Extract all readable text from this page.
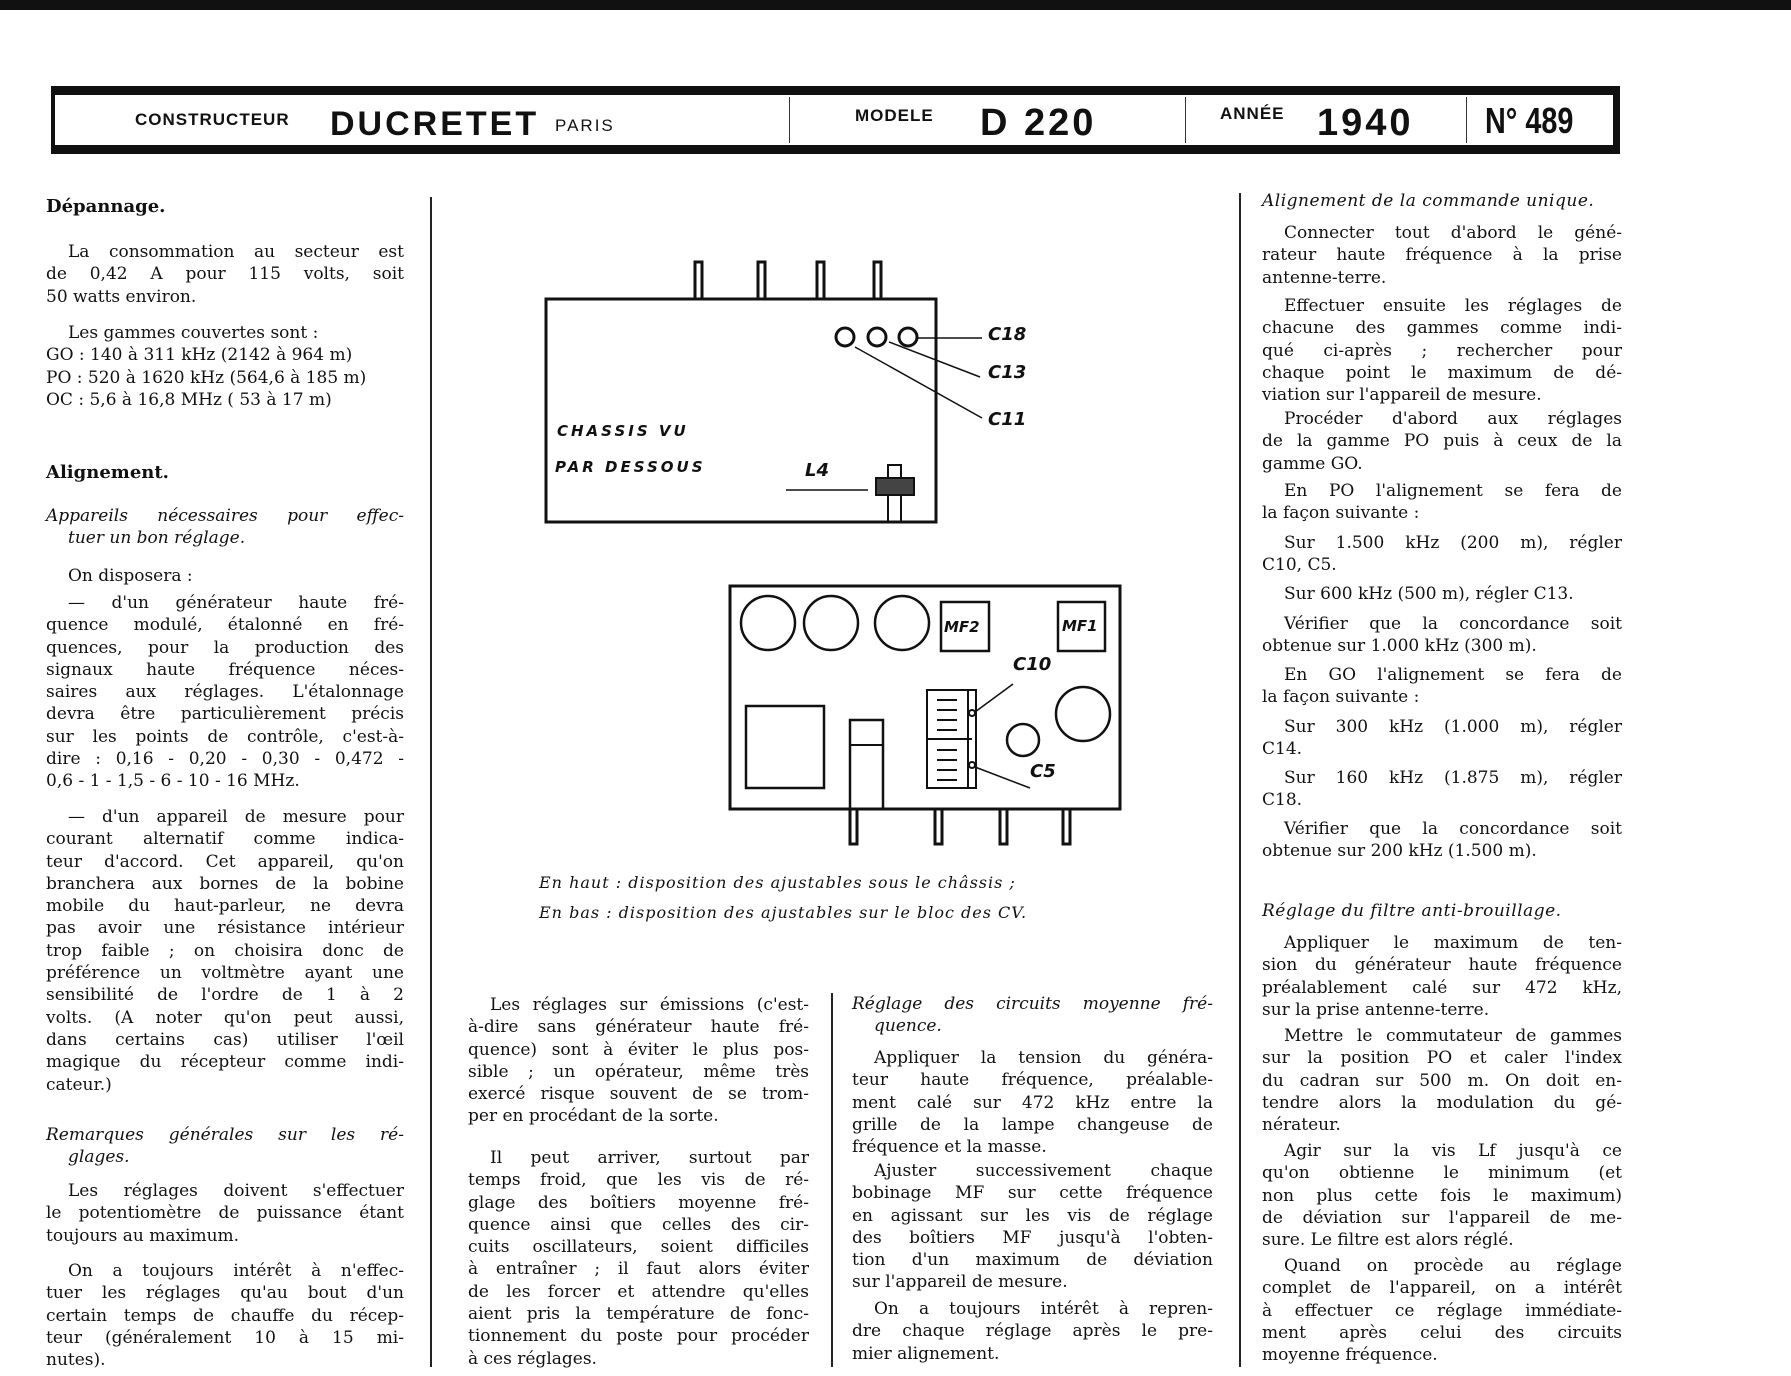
CONSTRUCTEUR DUCRETET PARIS
MODELE D 220	ANNÉE 1940 N° 489
Dépannage.
La consommation au secteur est
de 0,42 A pour 115 volts, soit
50 watts environ.
Les gammes couvertes sont :
GO : 140 à 311 kHz (2142 à 964 m)
PO : 520 à 1620 kHz (564,6 à 185 m)
OC : 5,6 à 16,8 MHz ( 53 à 17 m)
Alignement.
Appareils nécessaires pour effec-
tuer un bon réglage.
On disposera :
— d'un générateur haute fré-
quence modulé, étalonné en fré-
quences, pour la production des
signaux haute fréquence néces-
saires aux réglages. L'étalonnage
devra être particulièrement précis
sur les points de contrôle, c'est-à-
dire : 0,16 - 0,20 - 0,30 - 0,472 -
0,6 - 1 - 1,5 - 6 - 10 - 16 MHz.
— d'un appareil de mesure pour
courant alternatif comme indica-
teur d'accord. Cet appareil, qu'on
branchera aux bornes de la bobine
mobile du haut-parleur, ne devra
pas avoir une résistance intérieur
trop faible ; on choisira donc de
préférence un voltmètre ayant une
sensibilité de l'ordre de 1 à 2
volts. (A noter qu'on peut aussi,
dans certains cas) utiliser l'œil
magique du récepteur comme indi-
cateur.)
Remarques générales sur les ré-
glages.
Les réglages doivent s'effectuer
le potentiomètre de puissance étant
toujours au maximum.
On a toujours intérêt à n'effec-
tuer les réglages qu'au bout d'un
certain temps de chauffe du récep-
teur (généralement 10 à 15 mi-
nutes).
C18
C13
C11
L4
CHASSIS VU
PAR DESSOUS
MF2	MF1
C10
C5
En haut : disposition des ajustables sous le châssis ;
En bas : disposition des ajustables sur le bloc des CV.
Les réglages sur émissions (c'est-
à-dire sans générateur haute fré-
quence) sont à éviter le plus pos-
sible ; un opérateur, même très
exercé risque souvent de se trom-
per en procédant de la sorte.
Il peut arriver, surtout par
temps froid, que les vis de ré-
glage des boîtiers moyenne fré-
quence ainsi que celles des cir-
cuits oscillateurs, soient difficiles
à entraîner ; il faut alors éviter
de les forcer et attendre qu'elles
aient pris la température de fonc-
tionnement du poste pour procéder
à ces réglages.
Réglage des circuits moyenne fré-
quence.
Appliquer la tension du généra-
teur haute fréquence, préalable-
ment calé sur 472 kHz entre la
grille de la lampe changeuse de
fréquence et la masse.
Ajuster successivement chaque
bobinage MF sur cette fréquence
en agissant sur les vis de réglage
des boîtiers MF jusqu'à l'obten-
tion d'un maximum de déviation
sur l'appareil de mesure.
On a toujours intérêt à repren-
dre chaque réglage après le pre-
mier alignement.
Alignement de la commande unique.
Connecter tout d'abord le géné-
rateur haute fréquence à la prise
antenne-terre.
Effectuer ensuite les réglages de
chacune des gammes comme indi-
qué ci-après ; rechercher pour
chaque point le maximum de dé-
viation sur l'appareil de mesure.
Procéder d'abord aux réglages
de la gamme PO puis à ceux de la
gamme GO.
En PO l'alignement se fera de
la façon suivante :
Sur 1.500 kHz (200 m), régler
C10, C5.
Sur 600 kHz (500 m), régler C13.
Vérifier que la concordance soit
obtenue sur 1.000 kHz (300 m).
En GO l'alignement se fera de
la façon suivante :
Sur 300 kHz (1.000 m), régler
C14.
Sur 160 kHz (1.875 m), régler
C18.
Vérifier que la concordance soit
obtenue sur 200 kHz (1.500 m).
Réglage du filtre anti-brouillage.
Appliquer le maximum de ten-
sion du générateur haute fréquence
préalablement calé sur 472 kHz,
sur la prise antenne-terre.
Mettre le commutateur de gammes
sur la position PO et caler l'index
du cadran sur 500 m. On doit en-
tendre alors la modulation du gé-
nérateur.
Agir sur la vis Lf jusqu'à ce
qu'on obtienne le minimum (et
non plus cette fois le maximum)
de déviation sur l'appareil de me-
sure. Le filtre est alors réglé.
Quand on procède au réglage
complet de l'appareil, on a intérêt
à effectuer ce réglage immédiate-
ment après celui des circuits
moyenne fréquence.
